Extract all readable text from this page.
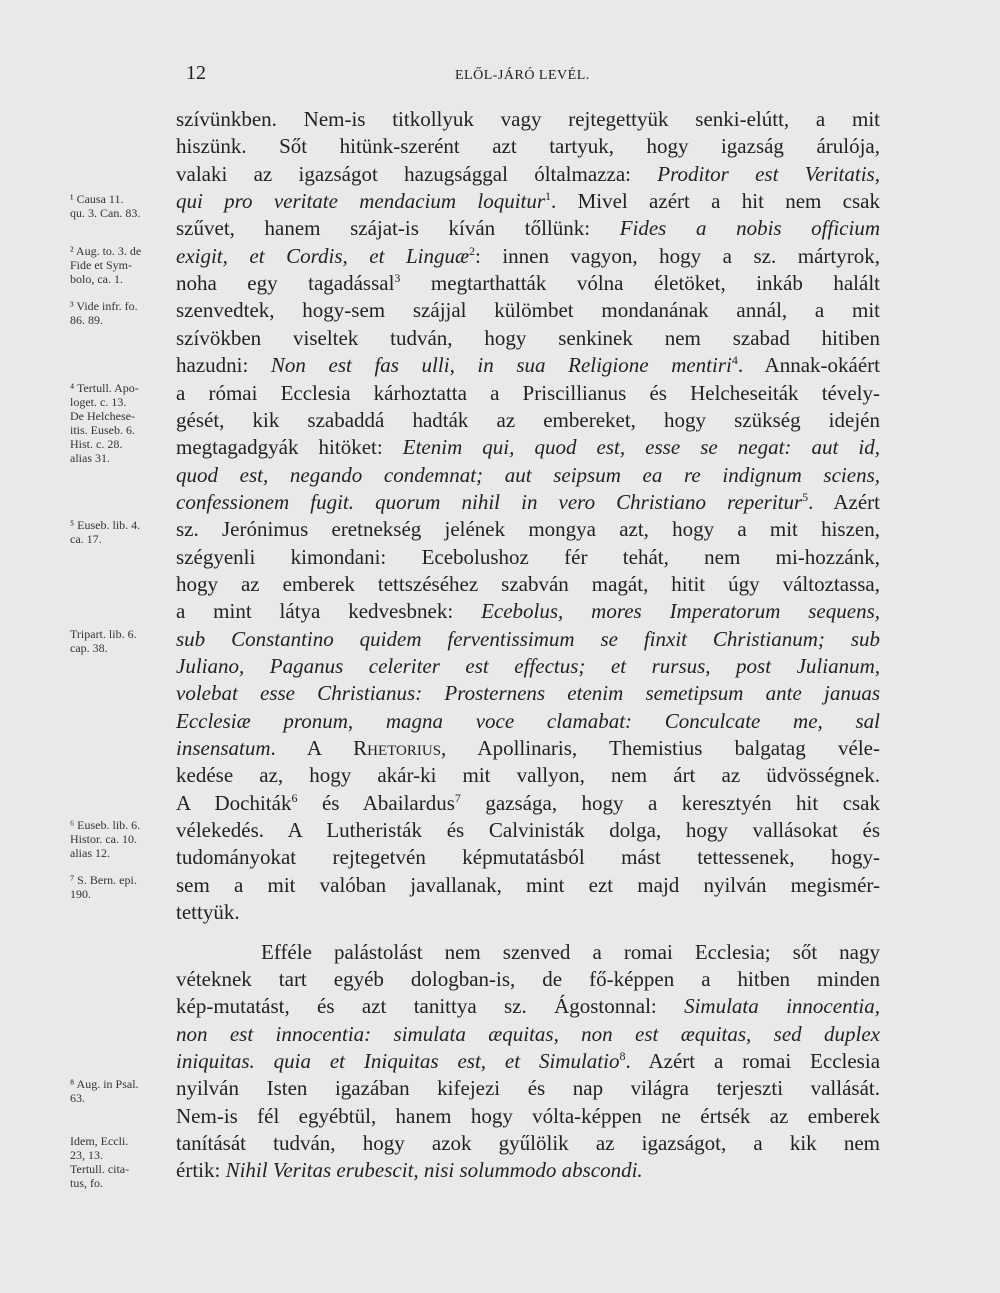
12	ELŐL-JÁRÓ LEVÉL.
szívünkben. Nem-is titkollyuk vagy rejtegettyük senki-elútt, a mit
hiszünk. Sőt hitünk-szerént azt tartyuk, hogy igazság árulója,
valaki az igazságot hazugsággal óltalmazza: Proditor est Veritatis,
qui pro veritate mendacium loquitur$^1$. Mivel azért a hit nem csak
szűvet, hanem szájat-is kíván tőllünk: Fides a nobis officium
exigit, et Cordis, et Linguæ$^2$: innen vagyon, hogy a sz. mártyrok,
noha egy tagadással$^3$ megtarthatták vólna életöket, inkáb halált
szenvedtek, hogy-sem szájjal külömbet mondanának annál, a mit
szívökben viseltek tudván, hogy senkinek nem szabad hitiben
hazudni: Non est fas ulli, in sua Religione mentiri$^4$. Annak-okáért
a római Ecclesia kárhoztatta a Priscillianus és Helcheseiták tévely-
gését, kik szabaddá hadták az embereket, hogy szükség idején
megtagadgyák hitöket: Etenim qui, quod est, esse se negat: aut id,
quod est, negando condemnat; aut seipsum ea re indignum sciens,
confessionem fugit. quorum nihil in vero Christiano reperitur$^5$. Azért
sz. Jerónimus eretnekség jelének mongya azt, hogy a mit hiszen,
szégyenli kimondani: Ecebolushoz fér tehát, nem mi-hozzánk,
hogy az emberek tettszéséhez szabván magát, hitit úgy változtassa,
a mint látya kedvesbnek: Ecebolus, mores Imperatorum sequens,
sub Constantino quidem ferventissimum se finxit Christianum; sub
Juliano, Paganus celeriter est effectus; et rursus, post Julianum,
volebat esse Christianus: Prosternens etenim semetipsum ante januas
Ecclesiæ pronum, magna voce clamabat: Conculcate me, sal
insensatum. A Rhetorius, Apollinaris, Themistius balgatag véle-
kedése az, hogy akár-ki mit vallyon, nem árt az üdvösségnek.
A Dochiták$^6$ és Abailardus$^7$ gazsága, hogy a keresztyén hit csak
vélekedés. A Lutheristák és Calvinisták dolga, hogy vallásokat és
tudományokat rejtegetvén képmutatásból mást tettessenek, hogy-
sem a mit valóban javallanak, mint ezt majd nyilván megismér-
tettyük.
Efféle palástolást nem szenved a romai Ecclesia; sőt nagy
véteknek tart egyéb dologban-is, de fő-képpen a hitben minden
kép-mutatást, és azt tanittya sz. Ágostonnal: Simulata innocentia,
non est innocentia: simulata æquitas, non est æquitas, sed duplex
iniquitas. quia et Iniquitas est, et Simulatio$^8$. Azért a romai Ecclesia
nyilván Isten igazában kifejezi és nap világra terjeszti vallását.
Nem-is fél egyébtül, hanem hogy vólta-képpen ne értsék az emberek
tanítását tudván, hogy azok gyűlölik az igazságot, a kik nem
értik: Nihil Veritas erubescit, nisi solummodo abscondi.
¹ Causa 11.
qu. 3. Can. 83.
² Aug. to. 3. de
Fide et Sym-
bolo, ca. 1.
³ Vide infr. fo.
86. 89.
⁴ Tertull. Apo-
loget. c. 13.
De Helchese-
itis. Euseb. 6.
Hist. c. 28.
alias 31.
⁵ Euseb. lib. 4.
ca. 17.
Tripart. lib. 6.
cap. 38.
⁶ Euseb. lib. 6.
Histor. ca. 10.
alias 12.
⁷ S. Bern. epi.
190.
⁸ Aug. in Psal.
63.
Idem, Eccli.
23, 13.
Tertull. cita-
tus, fo.
